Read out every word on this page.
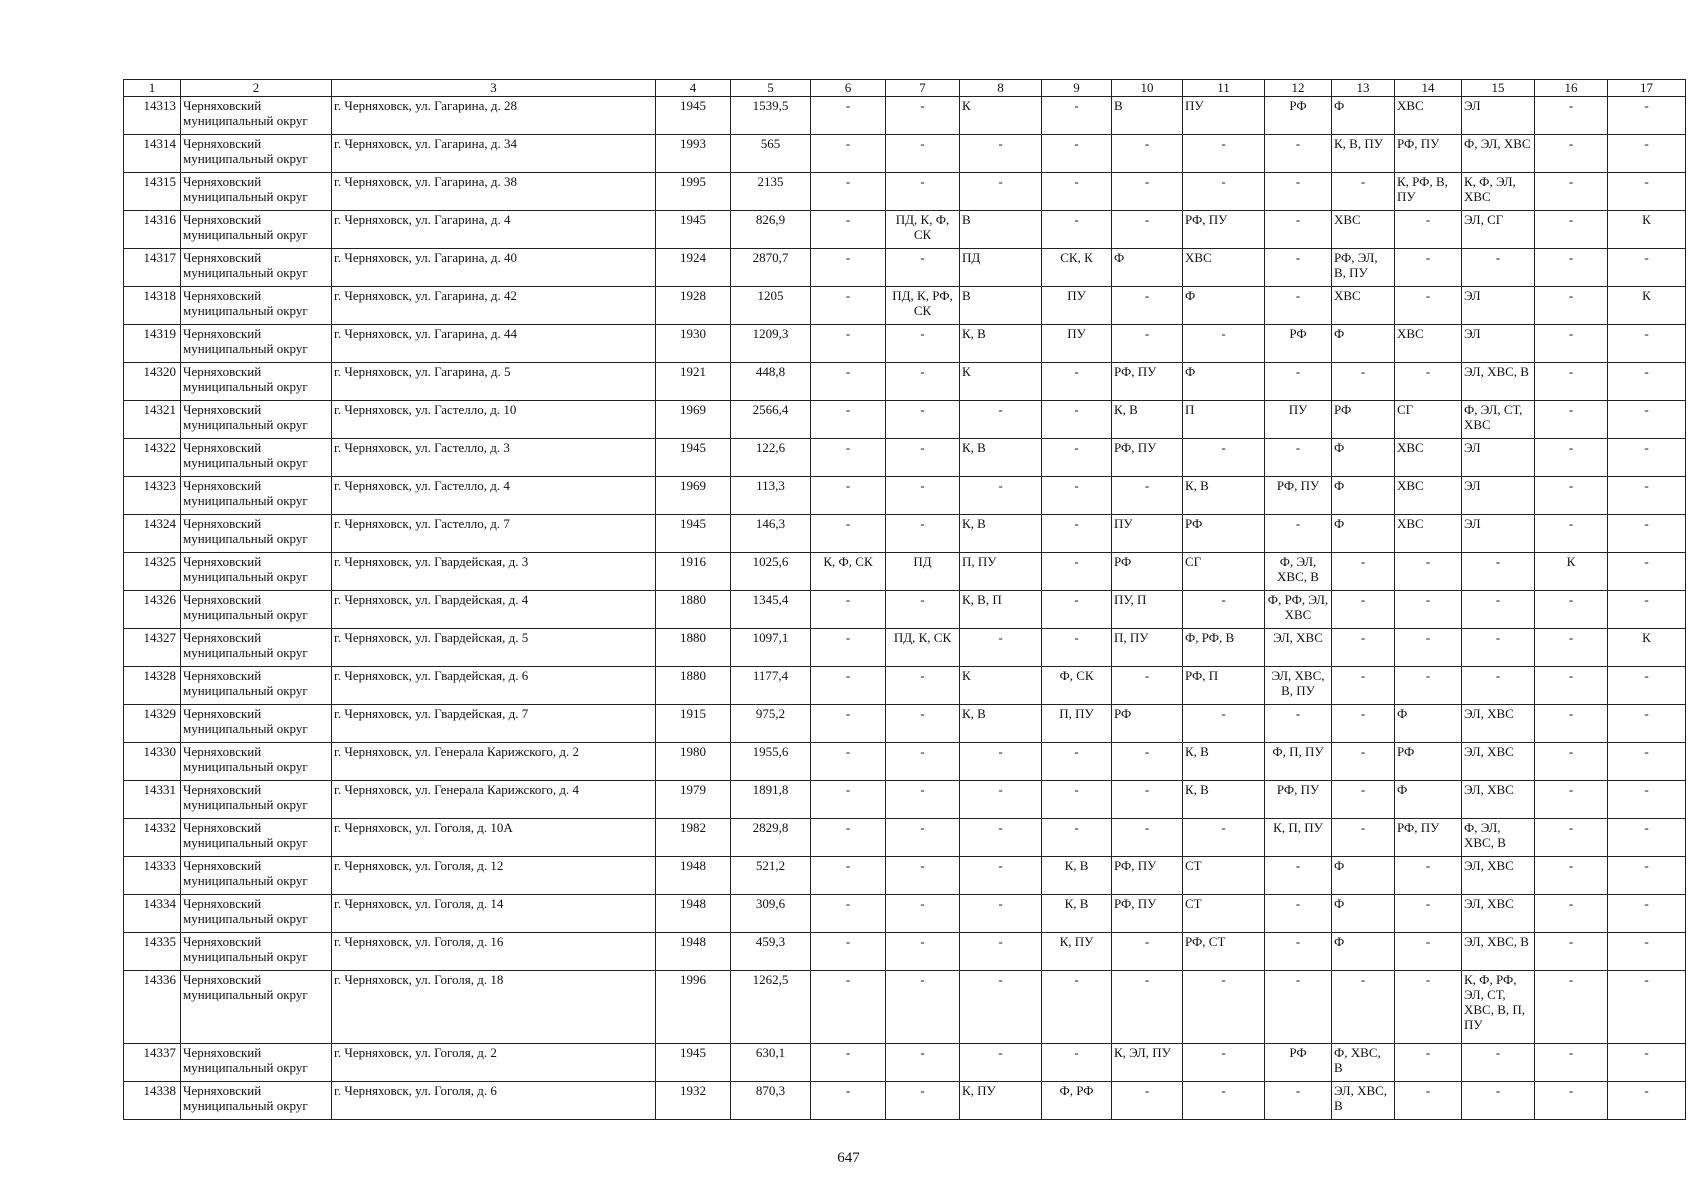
1	2	3	4	5	6	7	8	9	10	11	12	13	14	15	16	17
14313	Черняховский муниципальный округ	г. Черняховск, ул. Гагарина, д. 28	1945	1539,5	-	-	К	-	В	ПУ	РФ	Ф	ХВС	ЭЛ	-	-
14314	Черняховский муниципальный округ	г. Черняховск, ул. Гагарина, д. 34	1993	565	-	-	-	-	-	-	-	К, В, ПУ	РФ, ПУ	Ф, ЭЛ, ХВС	-	-
14315	Черняховский муниципальный округ	г. Черняховск, ул. Гагарина, д. 38	1995	2135	-	-	-	-	-	-	-	-	К, РФ, В, ПУ	К, Ф, ЭЛ, ХВС	-	-
14316	Черняховский муниципальный округ	г. Черняховск, ул. Гагарина, д. 4	1945	826,9	-	ПД, К, Ф, СК	В	-	-	РФ, ПУ	-	ХВС	-	ЭЛ, СГ	-	К
14317	Черняховский муниципальный округ	г. Черняховск, ул. Гагарина, д. 40	1924	2870,7	-	-	ПД	СК, К	Ф	ХВС	-	РФ, ЭЛ, В, ПУ	-	-	-	-
14318	Черняховский муниципальный округ	г. Черняховск, ул. Гагарина, д. 42	1928	1205	-	ПД, К, РФ, СК	В	ПУ	-	Ф	-	ХВС	-	ЭЛ	-	К
14319	Черняховский муниципальный округ	г. Черняховск, ул. Гагарина, д. 44	1930	1209,3	-	-	К, В	ПУ	-	-	РФ	Ф	ХВС	ЭЛ	-	-
14320	Черняховский муниципальный округ	г. Черняховск, ул. Гагарина, д. 5	1921	448,8	-	-	К	-	РФ, ПУ	Ф	-	-	-	ЭЛ, ХВС, В	-	-
14321	Черняховский муниципальный округ	г. Черняховск, ул. Гастелло, д. 10	1969	2566,4	-	-	-	-	К, В	П	ПУ	РФ	СГ	Ф, ЭЛ, СТ, ХВС	-	-
14322	Черняховский муниципальный округ	г. Черняховск, ул. Гастелло, д. 3	1945	122,6	-	-	К, В	-	РФ, ПУ	-	-	Ф	ХВС	ЭЛ	-	-
14323	Черняховский муниципальный округ	г. Черняховск, ул. Гастелло, д. 4	1969	113,3	-	-	-	-	-	К, В	РФ, ПУ	Ф	ХВС	ЭЛ	-	-
14324	Черняховский муниципальный округ	г. Черняховск, ул. Гастелло, д. 7	1945	146,3	-	-	К, В	-	ПУ	РФ	-	Ф	ХВС	ЭЛ	-	-
14325	Черняховский муниципальный округ	г. Черняховск, ул. Гвардейская, д. 3	1916	1025,6	К, Ф, СК	ПД	П, ПУ	-	РФ	СГ	Ф, ЭЛ, ХВС, В	-	-	-	К	-
14326	Черняховский муниципальный округ	г. Черняховск, ул. Гвардейская, д. 4	1880	1345,4	-	-	К, В, П	-	ПУ, П	-	Ф, РФ, ЭЛ, ХВС	-	-	-	-	-
14327	Черняховский муниципальный округ	г. Черняховск, ул. Гвардейская, д. 5	1880	1097,1	-	ПД, К, СК	-	-	П, ПУ	Ф, РФ, В	ЭЛ, ХВС	-	-	-	-	К
14328	Черняховский муниципальный округ	г. Черняховск, ул. Гвардейская, д. 6	1880	1177,4	-	-	К	Ф, СК	-	РФ, П	ЭЛ, ХВС, В, ПУ	-	-	-	-	-
14329	Черняховский муниципальный округ	г. Черняховск, ул. Гвардейская, д. 7	1915	975,2	-	-	К, В	П, ПУ	РФ	-	-	-	Ф	ЭЛ, ХВС	-	-
14330	Черняховский муниципальный округ	г. Черняховск, ул. Генерала Карижского, д. 2	1980	1955,6	-	-	-	-	-	К, В	Ф, П, ПУ	-	РФ	ЭЛ, ХВС	-	-
14331	Черняховский муниципальный округ	г. Черняховск, ул. Генерала Карижского, д. 4	1979	1891,8	-	-	-	-	-	К, В	РФ, ПУ	-	Ф	ЭЛ, ХВС	-	-
14332	Черняховский муниципальный округ	г. Черняховск, ул. Гоголя, д. 10А	1982	2829,8	-	-	-	-	-	-	К, П, ПУ	-	РФ, ПУ	Ф, ЭЛ, ХВС, В	-	-
14333	Черняховский муниципальный округ	г. Черняховск, ул. Гоголя, д. 12	1948	521,2	-	-	-	К, В	РФ, ПУ	СТ	-	Ф	-	ЭЛ, ХВС	-	-
14334	Черняховский муниципальный округ	г. Черняховск, ул. Гоголя, д. 14	1948	309,6	-	-	-	К, В	РФ, ПУ	СТ	-	Ф	-	ЭЛ, ХВС	-	-
14335	Черняховский муниципальный округ	г. Черняховск, ул. Гоголя, д. 16	1948	459,3	-	-	-	К, ПУ	-	РФ, СТ	-	Ф	-	ЭЛ, ХВС, В	-	-
14336	Черняховский муниципальный округ	г. Черняховск, ул. Гоголя, д. 18	1996	1262,5	-	-	-	-	-	-	-	-	-	К, Ф, РФ, ЭЛ, СТ, ХВС, В, П, ПУ	-	-
14337	Черняховский муниципальный округ	г. Черняховск, ул. Гоголя, д. 2	1945	630,1	-	-	-	-	К, ЭЛ, ПУ	-	РФ	Ф, ХВС, В	-	-	-	-
14338	Черняховский муниципальный округ	г. Черняховск, ул. Гоголя, д. 6	1932	870,3	-	-	К, ПУ	Ф, РФ	-	-	-	ЭЛ, ХВС, В	-	-	-	-
647
